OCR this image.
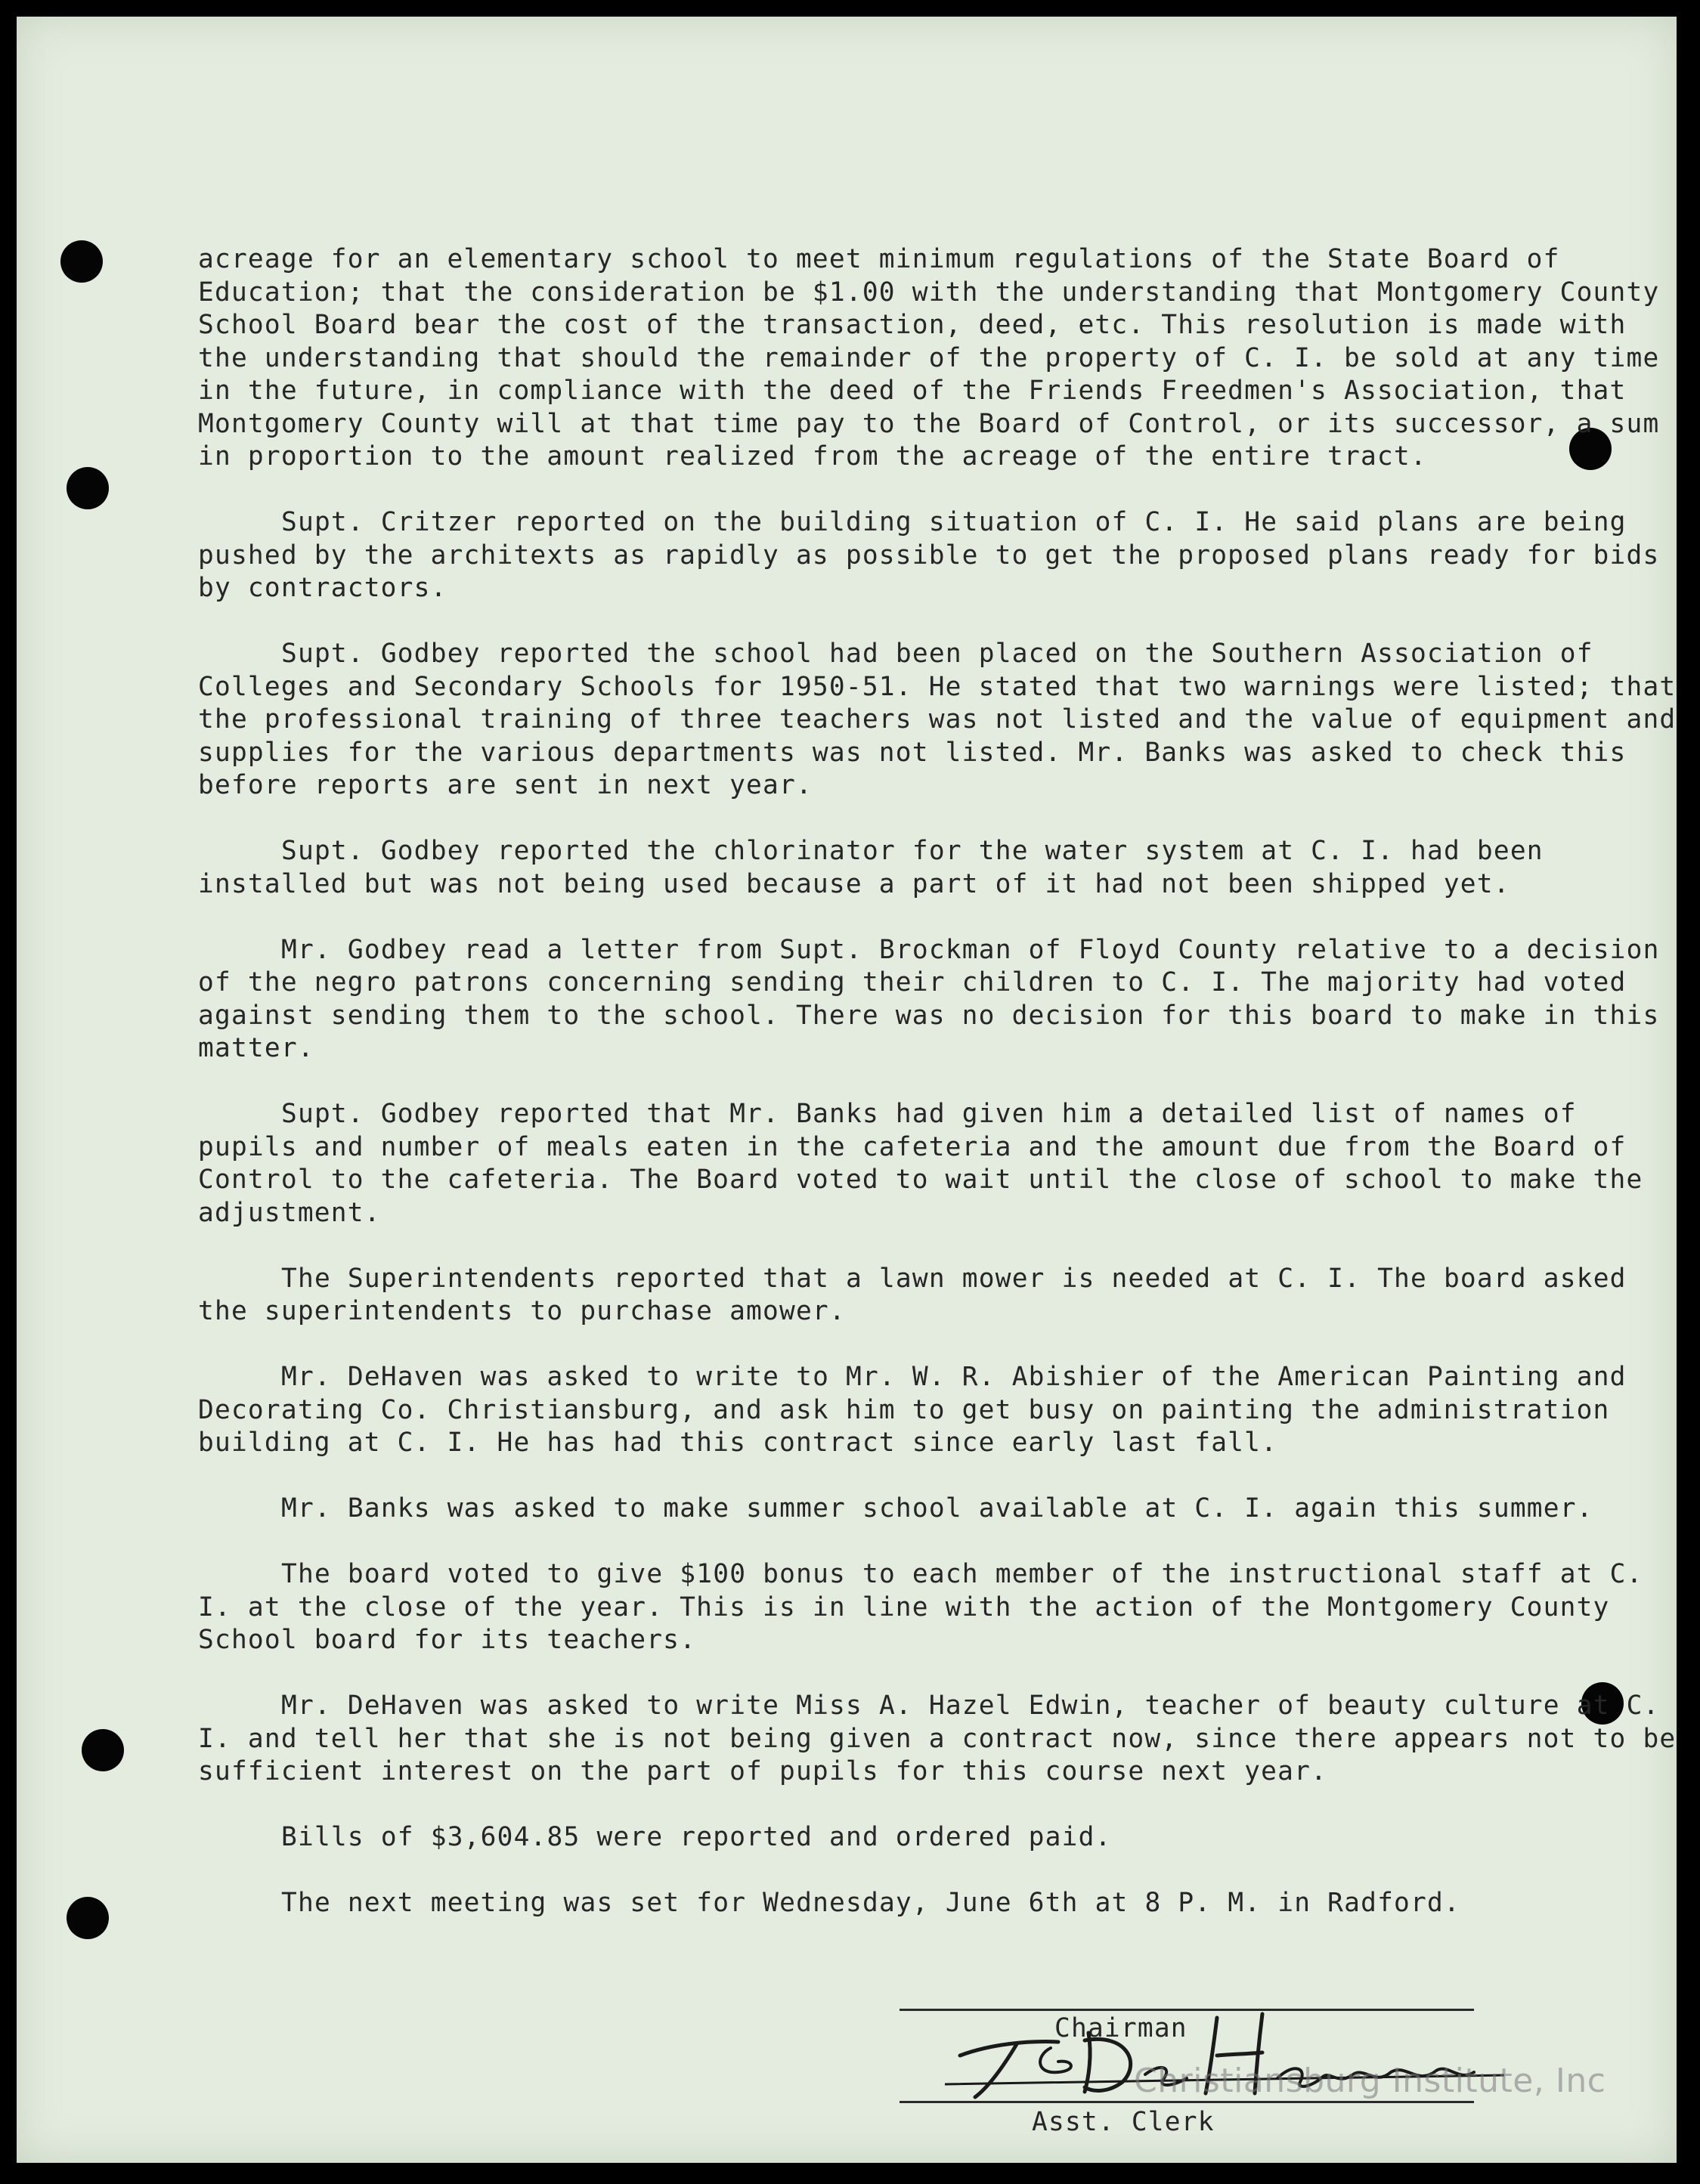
acreage for an elementary school to meet minimum regulations of the State Board of Education; that the consideration be $1.00 with the understanding that Montgomery County School Board bear the cost of the transaction, deed, etc. This resolution is made with the understanding that should the remainder of the property of C. I. be sold at any time in the future, in compliance with the deed of the Friends Freedmen's Association, that Montgomery County will at that time pay to the Board of Control, or its successor, a sum in proportion to the amount realized from the acreage of the entire tract.

Supt. Critzer reported on the building situation of C. I. He said plans are being pushed by the architexts as rapidly as possible to get the proposed plans ready for bids by contractors.

Supt. Godbey reported the school had been placed on the Southern Association of Colleges and Secondary Schools for 1950-51. He stated that two warnings were listed; that the professional training of three teachers was not listed and the value of equipment and supplies for the various departments was not listed. Mr. Banks was asked to check this before reports are sent in next year.

Supt. Godbey reported the chlorinator for the water system at C. I. had been installed but was not being used because a part of it had not been shipped yet.

Mr. Godbey read a letter from Supt. Brockman of Floyd County relative to a decision of the negro patrons concerning sending their children to C. I. The majority had voted against sending them to the school. There was no decision for this board to make in this matter.

Supt. Godbey reported that Mr. Banks had given him a detailed list of names of pupils and number of meals eaten in the cafeteria and the amount due from the Board of Control to the cafeteria. The Board voted to wait until the close of school to make the adjustment.

The Superintendents reported that a lawn mower is needed at C. I. The board asked the superintendents to purchase amower.

Mr. DeHaven was asked to write to Mr. W. R. Abishier of the American Painting and Decorating Co. Christiansburg, and ask him to get busy on painting the administration building at C. I. He has had this contract since early last fall.

Mr. Banks was asked to make summer school available at C. I. again this summer.

The board voted to give $100 bonus to each member of the instructional staff at C. I. at the close of the year. This is in line with the action of the Montgomery County School board for its teachers.

Mr. DeHaven was asked to write Miss A. Hazel Edwin, teacher of beauty culture at C. I. and tell her that she is not being given a contract now, since there appears not to be sufficient interest on the part of pupils for this course next year.

Bills of $3,604.85 were reported and ordered paid.

The next meeting was set for Wednesday, June 6th at 8 P. M. in Radford.

Chairman
Asst. Clerk
Christiansburg Institute, Inc
